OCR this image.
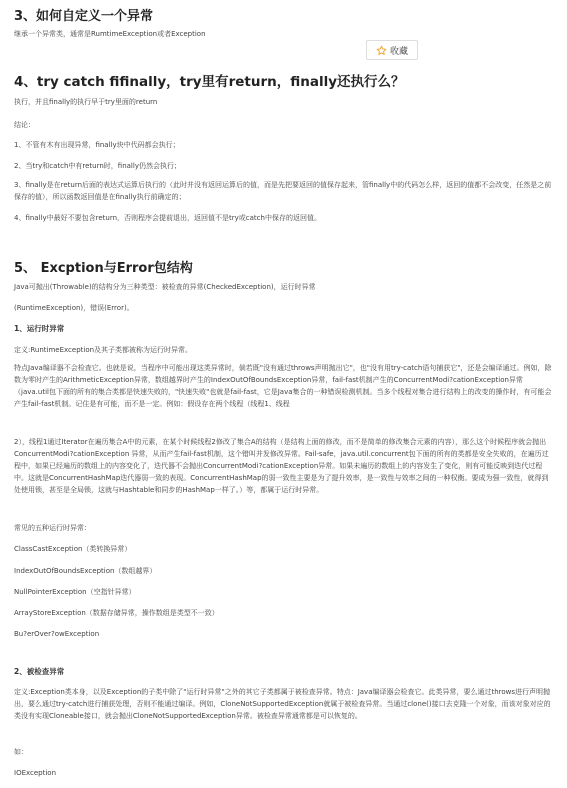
3、如何自定义一个异常
继承一个异常类，通常是RumtimeException或者Exception
收藏
4、try catch fifinally，try里有return，finally还执行么？
执行，并且finally的执行早于try里面的return
结论：
1、不管有木有出现异常，finally块中代码都会执行；
2、当try和catch中有return时，finally仍然会执行；
3、finally是在return后面的表达式运算后执行的（此时并没有返回运算后的值，而是先把要返回的值保存起来，管finally中的代码怎么样，返回的值都不会改变，任然是之前保存的值），所以函数返回值是在finally执行前确定的；
4、finally中最好不要包含return，否则程序会提前退出，返回值不是try或catch中保存的返回值。
5、 Excption与Error包结构
Java可抛出(Throwable)的结构分为三种类型：被检查的异常(CheckedException)，运行时异常
(RuntimeException)，错误(Error)。
1、运行时异常
定义:RuntimeException及其子类都被称为运行时异常。
特点Java编译器不会检查它。也就是说，当程序中可能出现这类异常时，倘若既"没有通过throws声明抛出它"，也"没有用try-catch语句捕获它"，还是会编译通过。例如，除数为零时产生的ArithmeticException异常，数组越界时产生的IndexOutOfBoundsException异常，fail-fast机制产生的ConcurrentModi?cationException异常（java.util包下面的所有的集合类都是快速失败的，"快速失败"也就是fail-fast，它是Java集合的一种错误检测机制。当多个线程对集合进行结构上的改变的操作时，有可能会产生fail-fast机制。记住是有可能，而不是一定。例如：假设存在两个线程（线程1、线程
2），线程1通过Iterator在遍历集合A中的元素，在某个时候线程2修改了集合A的结构（是结构上面的修改，而不是简单的修改集合元素的内容），那么这个时候程序就会抛出ConcurrentModi?cationException 异常，从而产生fail-fast机制，这个错叫并发修改异常。Fail-safe，java.util.concurrent包下面的所有的类都是安全失败的，在遍历过程中，如果已经遍历的数组上的内容变化了，迭代器不会抛出ConcurrentModi?cationException异常。如果未遍历的数组上的内容发生了变化，则有可能反映到迭代过程中。这就是ConcurrentHashMap迭代器弱一致的表现。ConcurrentHashMap的弱一致性主要是为了提升效率，是一致性与效率之间的一种权衡。要成为强一致性，就得到处使用锁，甚至是全局锁，这就与Hashtable和同步的HashMap一样了。）等，都属于运行时异常。
常见的五种运行时异常：
ClassCastException（类转换异常）
IndexOutOfBoundsException（数组越界）
NullPointerException（空指针异常）
ArrayStoreException（数据存储异常，操作数组是类型不一致）
Bu?erOver?owException
2、被检查异常
定义:Exception类本身，以及Exception的子类中除了"运行时异常"之外的其它子类都属于被检查异常。特点：Java编译器会检查它。此类异常，要么通过throws进行声明抛出，要么通过try-catch进行捕获处理，否则不能通过编译。例如，CloneNotSupportedException就属于被检查异常。当通过clone()接口去克隆一个对象，而该对象对应的类没有实现Cloneable接口，就会抛出CloneNotSupportedException异常。被检查异常通常都是可以恢复的。
如：
IOException
